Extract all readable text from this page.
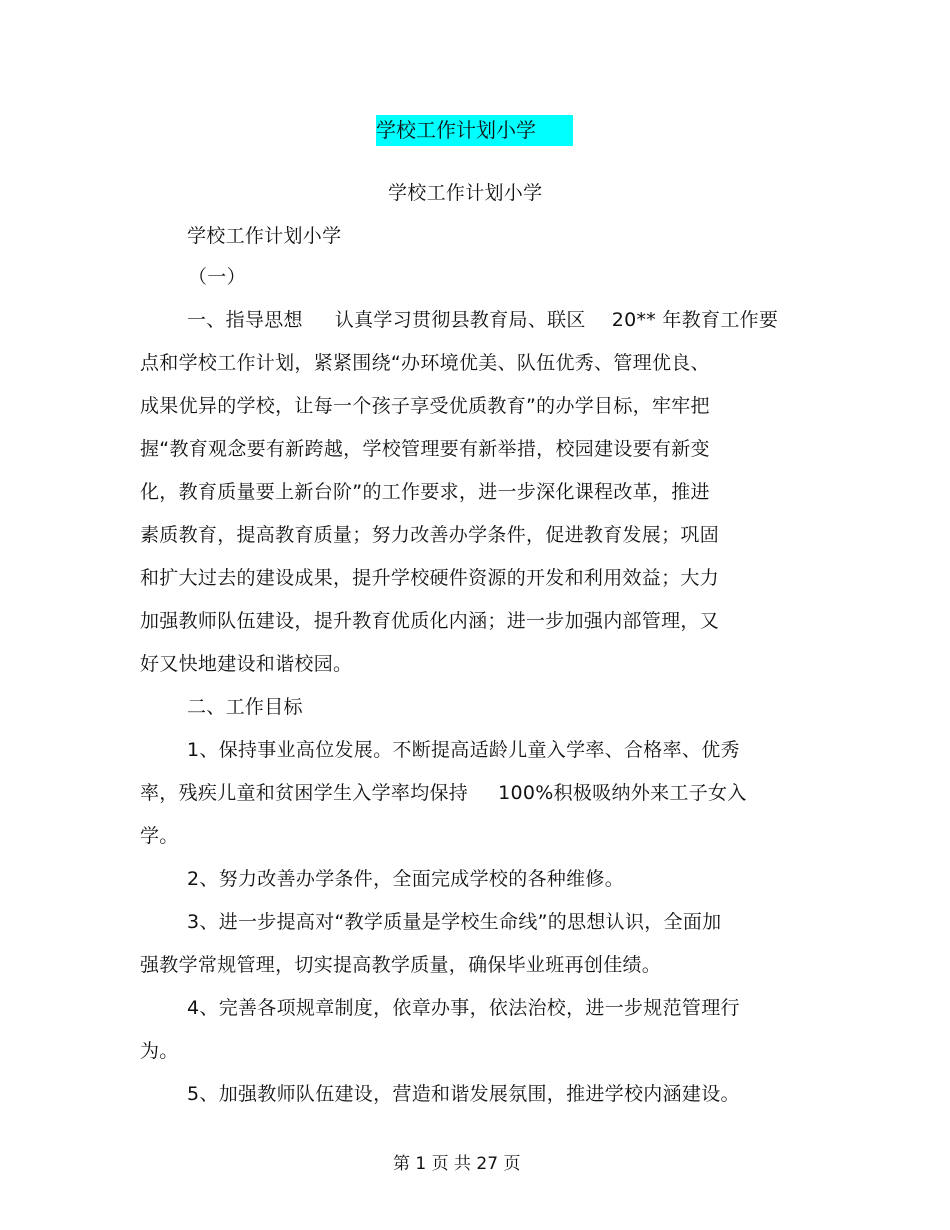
学校工作计划小学
学校工作计划小学
学校工作计划小学
（一）
一、指导思想 认真学习贯彻县教育局、联区 20** 年教育工作要
点和学校工作计划，紧紧围绕“办环境优美、队伍优秀、管理优良、
成果优异的学校，让每一个孩子享受优质教育”的办学目标，牢牢把
握“教育观念要有新跨越，学校管理要有新举措，校园建设要有新变
化，教育质量要上新台阶”的工作要求，进一步深化课程改革，推进
素质教育，提高教育质量；努力改善办学条件，促进教育发展；巩固
和扩大过去的建设成果，提升学校硬件资源的开发和利用效益；大力
加强教师队伍建设，提升教育优质化内涵；进一步加强内部管理，又
好又快地建设和谐校园。
二、工作目标
1、保持事业高位发展。不断提高适龄儿童入学率、合格率、优秀
率，残疾儿童和贫困学生入学率均保持 100%积极吸纳外来工子女入
学。
2、努力改善办学条件，全面完成学校的各种维修。
3、进一步提高对“教学质量是学校生命线”的思想认识，全面加
强教学常规管理，切实提高教学质量，确保毕业班再创佳绩。
4、完善各项规章制度，依章办事，依法治校，进一步规范管理行
为。
5、加强教师队伍建设，营造和谐发展氛围，推进学校内涵建设。
第 1 页 共 27 页
